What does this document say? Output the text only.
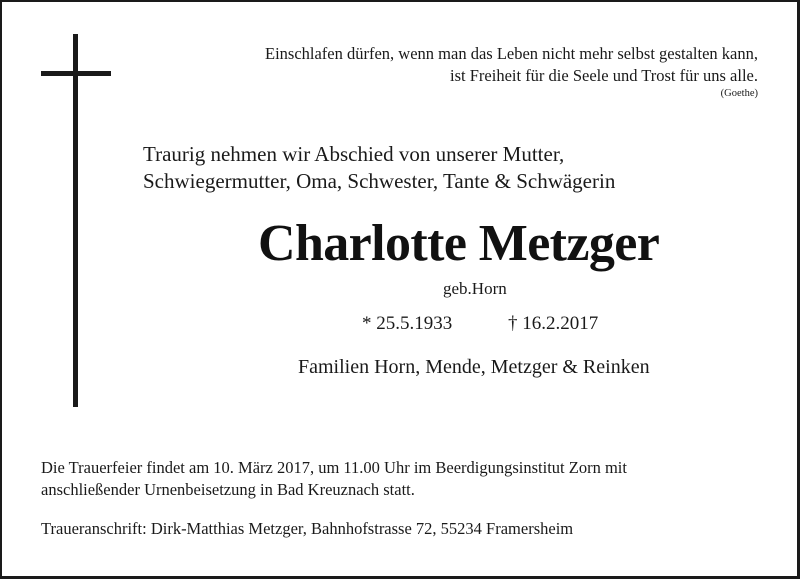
Einschlafen dürfen, wenn man das Leben nicht mehr selbst gestalten kann,
ist Freiheit für die Seele und Trost für uns alle.
(Goethe)
Traurig nehmen wir Abschied von unserer Mutter,
Schwiegermutter, Oma, Schwester, Tante & Schwägerin
Charlotte Metzger
geb.Horn
* 25.5.1933	† 16.2.2017
Familien Horn, Mende, Metzger & Reinken
Die Trauerfeier findet am 10. März 2017, um 11.00 Uhr im Beerdigungsinstitut Zorn mit
anschließender Urnenbeisetzung in Bad Kreuznach statt.
Traueranschrift: Dirk-Matthias Metzger, Bahnhofstrasse 72, 55234 Framersheim
